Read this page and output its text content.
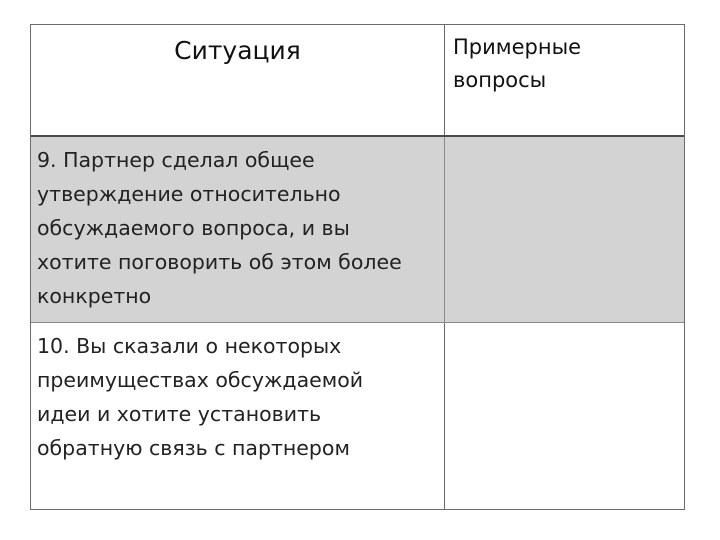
Ситуация	Примерные
вопросы
9. Партнер сделал общее
утверждение относительно
обсуждаемого вопроса, и вы
хотите поговорить об этом более
конкретно
10. Вы сказали о некоторых
преимуществах обсуждаемой
идеи и хотите установить
обратную связь с партнером
